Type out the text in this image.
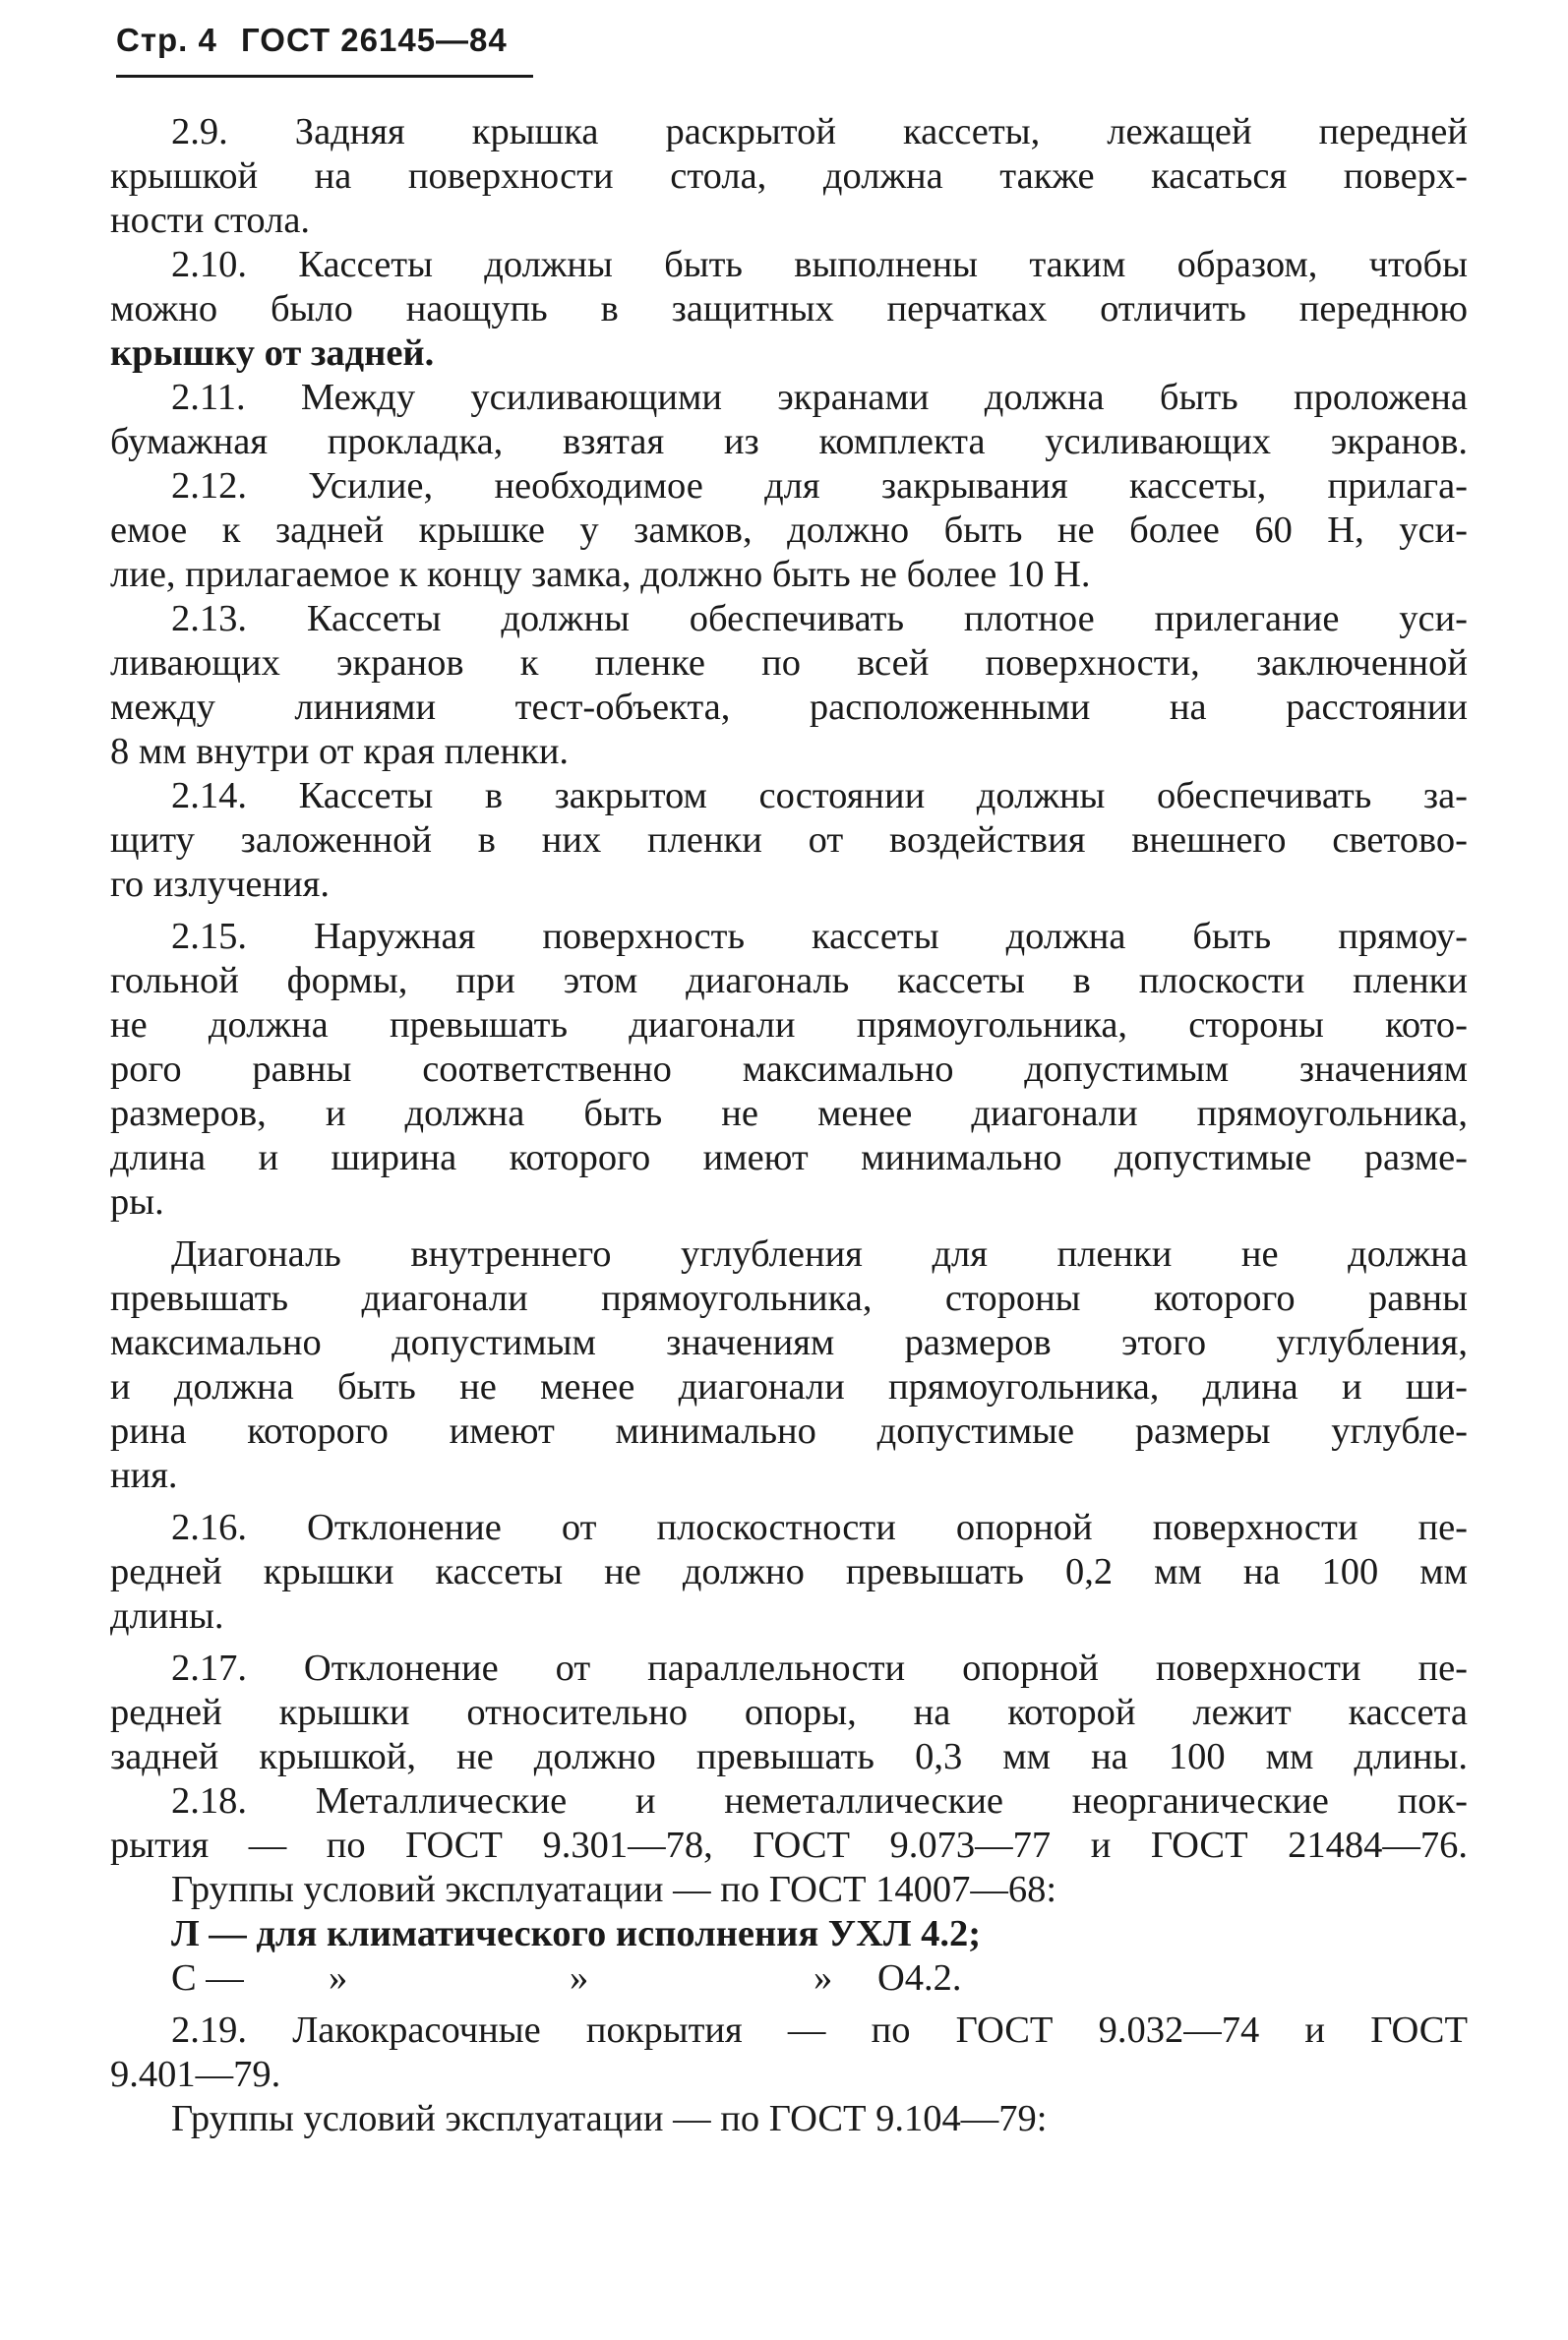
Стр. 4 ГОСТ 26145—84
2.9. Задняя крышка раскрытой кассеты, лежащей передней
крышкой на поверхности стола, должна также касаться поверх-
ности стола.
2.10. Кассеты должны быть выполнены таким образом, чтобы
можно было наощупь в защитных перчатках отличить переднюю
крышку от задней.
2.11. Между усиливающими экранами должна быть проложена
бумажная прокладка, взятая из комплекта усиливающих экранов.
2.12. Усилие, необходимое для закрывания кассеты, прилага-
емое к задней крышке у замков, должно быть не более 60 Н, уси-
лие, прилагаемое к концу замка, должно быть не более 10 Н.
2.13. Кассеты должны обеспечивать плотное прилегание уси-
ливающих экранов к пленке по всей поверхности, заключенной
между линиями тест-объекта, расположенными на расстоянии
8 мм внутри от края пленки.
2.14. Кассеты в закрытом состоянии должны обеспечивать за-
щиту заложенной в них пленки от воздействия внешнего светово-
го излучения.
2.15. Наружная поверхность кассеты должна быть прямоу-
гольной формы, при этом диагональ кассеты в плоскости пленки
не должна превышать диагонали прямоугольника, стороны кото-
рого равны соответственно максимально допустимым значениям
размеров, и должна быть не менее диагонали прямоугольника,
длина и ширина которого имеют минимально допустимые разме-
ры.
Диагональ внутреннего углубления для пленки не должна
превышать диагонали прямоугольника, стороны которого равны
максимально допустимым значениям размеров этого углубления,
и должна быть не менее диагонали прямоугольника, длина и ши-
рина которого имеют минимально допустимые размеры углубле-
ния.
2.16. Отклонение от плоскостности опорной поверхности пе-
редней крышки кассеты не должно превышать 0,2 мм на 100 мм
длины.
2.17. Отклонение от параллельности опорной поверхности пе-
редней крышки относительно опоры, на которой лежит кассета
задней крышкой, не должно превышать 0,3 мм на 100 мм длины.
2.18. Металлические и неметаллические неорганические пок-
рытия — по ГОСТ 9.301—78, ГОСТ 9.073—77 и ГОСТ 21484—76.
Группы условий эксплуатации — по ГОСТ 14007—68:
Л — для климатического исполнения УХЛ 4.2;
С —	»	»	»	О4.2.
2.19. Лакокрасочные покрытия — по ГОСТ 9.032—74 и ГОСТ
9.401—79.
Группы условий эксплуатации — по ГОСТ 9.104—79:
